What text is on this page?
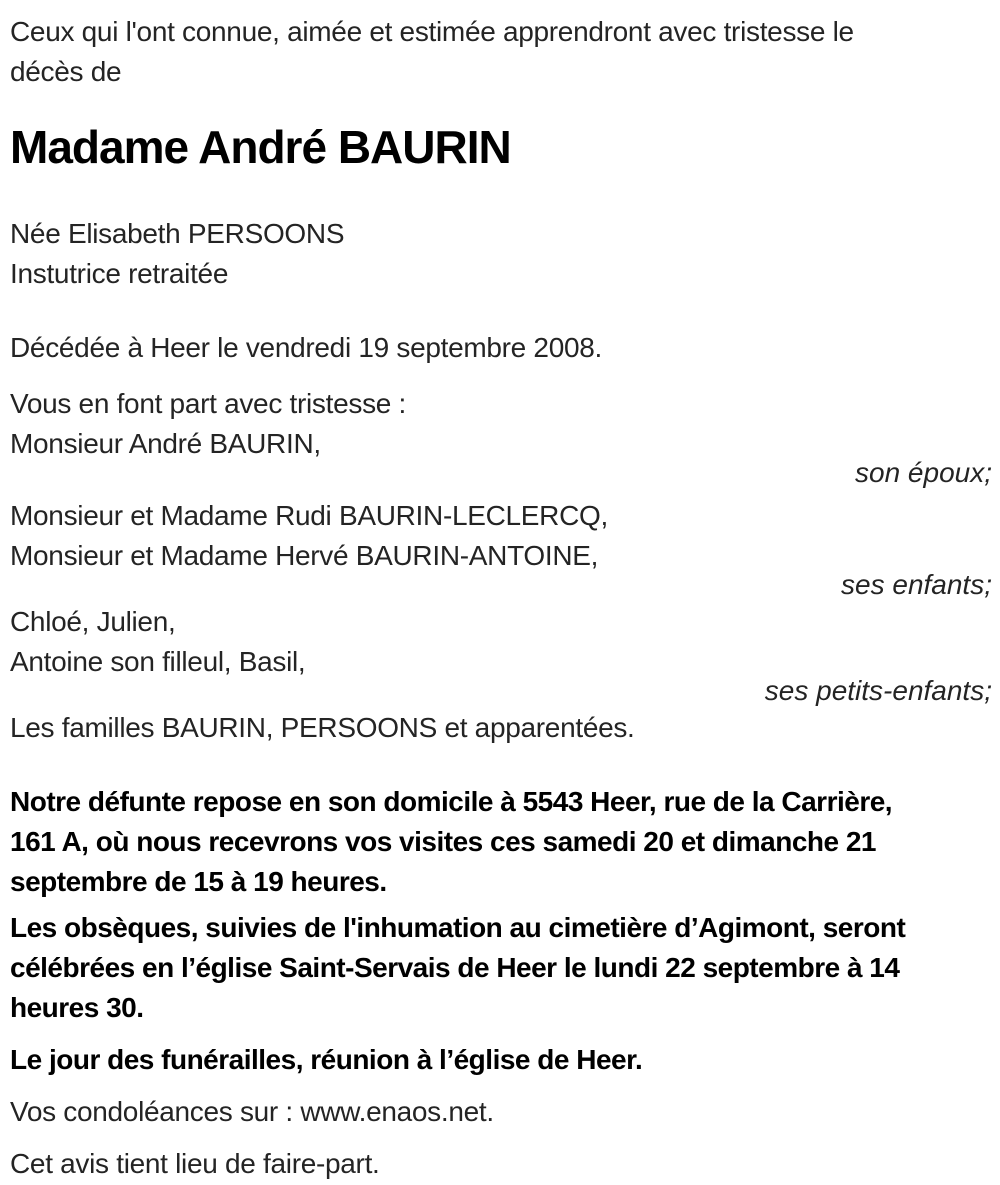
Ceux qui l'ont connue, aimée et estimée apprendront avec tristesse le
décès de
Madame André BAURIN
Née Elisabeth PERSOONS
Instutrice retraitée
Décédée à Heer le vendredi 19 septembre 2008.
Vous en font part avec tristesse :
Monsieur André BAURIN,
son époux;
Monsieur et Madame Rudi BAURIN-LECLERCQ,
Monsieur et Madame Hervé BAURIN-ANTOINE,
ses enfants;
Chloé, Julien,
Antoine son filleul, Basil,
ses petits-enfants;
Les familles BAURIN, PERSOONS et apparentées.
Notre défunte repose en son domicile à 5543 Heer, rue de la Carrière,
161 A, où nous recevrons vos visites ces samedi 20 et dimanche 21
septembre de 15 à 19 heures.
Les obsèques, suivies de l'inhumation au cimetière d’Agimont, seront
célébrées en l’église Saint-Servais de Heer le lundi 22 septembre à 14
heures 30.
Le jour des funérailles, réunion à l’église de Heer.
Vos condoléances sur : www.enaos.net.
Cet avis tient lieu de faire-part.
